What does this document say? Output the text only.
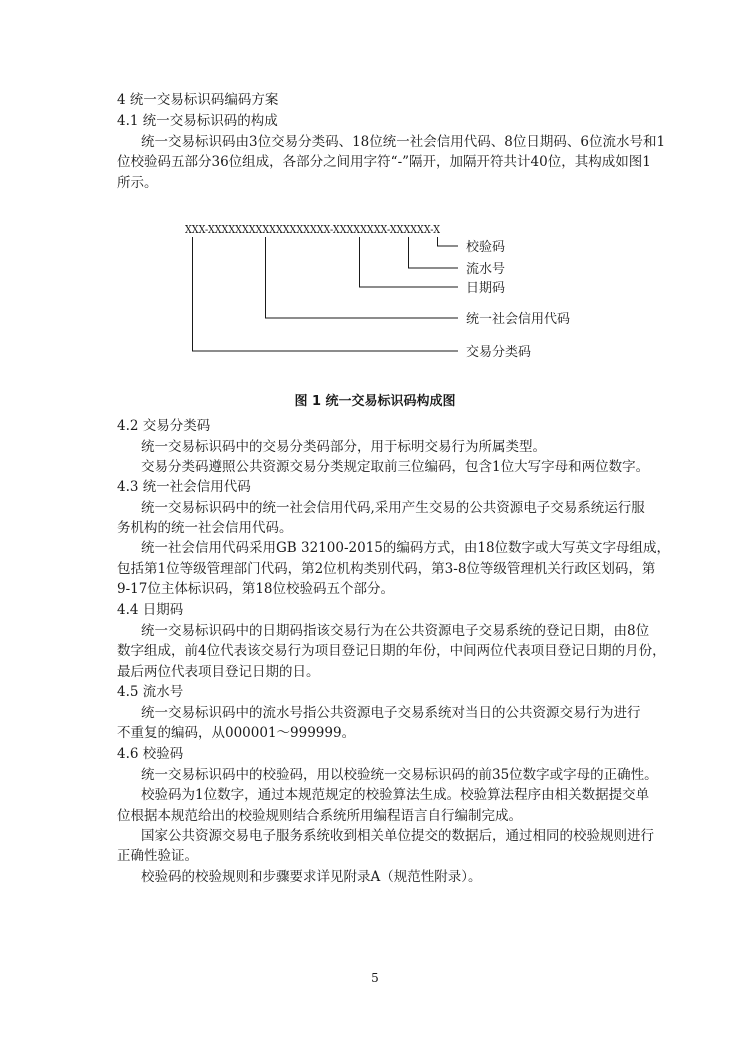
4 统一交易标识码编码方案
4.1 统一交易标识码的构成
统一交易标识码由3位交易分类码、18位统一社会信用代码、8位日期码、6位流水号和1
位校验码五部分36位组成，各部分之间用字符“-”隔开，加隔开符共计40位，其构成如图1
所示。
XXX-XXXXXXXXXXXXXXXXXX-XXXXXXXX-XXXXXX-X
校验码
流水号
日期码
统一社会信用代码
交易分类码
图 1 统一交易标识码构成图
4.2 交易分类码
统一交易标识码中的交易分类码部分，用于标明交易行为所属类型。
交易分类码遵照公共资源交易分类规定取前三位编码，包含1位大写字母和两位数字。
4.3 统一社会信用代码
统一交易标识码中的统一社会信用代码,采用产生交易的公共资源电子交易系统运行服
务机构的统一社会信用代码。
统一社会信用代码采用GB 32100-2015的编码方式，由18位数字或大写英文字母组成，
包括第1位等级管理部门代码，第2位机构类别代码，第3-8位等级管理机关行政区划码，第
9-17位主体标识码，第18位校验码五个部分。
4.4 日期码
统一交易标识码中的日期码指该交易行为在公共资源电子交易系统的登记日期，由8位
数字组成，前4位代表该交易行为项目登记日期的年份，中间两位代表项目登记日期的月份，
最后两位代表项目登记日期的日。
4.5 流水号
统一交易标识码中的流水号指公共资源电子交易系统对当日的公共资源交易行为进行
不重复的编码，从000001～999999。
4.6 校验码
统一交易标识码中的校验码，用以校验统一交易标识码的前35位数字或字母的正确性。
校验码为1位数字，通过本规范规定的校验算法生成。校验算法程序由相关数据提交单
位根据本规范给出的校验规则结合系统所用编程语言自行编制完成。
国家公共资源交易电子服务系统收到相关单位提交的数据后，通过相同的校验规则进行
正确性验证。
校验码的校验规则和步骤要求详见附录A（规范性附录）。
5
